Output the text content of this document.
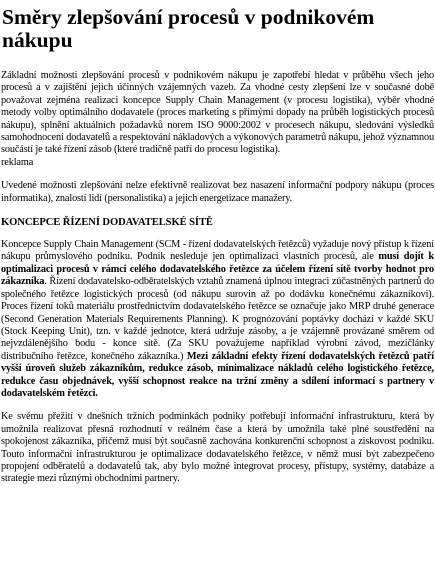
Směry zlepšování procesů v podnikovém nákupu

Základní možnosti zlepšování procesů v podnikovém nákupu je zapotřebí hledat v průběhu všech jeho procesů a v zajištění jejich účinných vzájemných vazeb. Za vhodné cesty zlepšení lze v současné době považovat zejména realizaci koncepce Supply Chain Management (v procesu logistika), výběr vhodné metody volby optimálního dodavatele (proces marketing s přímými dopady na průběh logistických procesů nákupu), splnění aktuálních požadavků norem ISO 9000:2002 v procesech nákupu, sledování výsledků samohodnocení dodavatelů a respektování nákladových a výkonových parametrů nákupu, jehož významnou součástí je také řízení zásob (které tradičně patří do procesu logistika).
reklama

Uvedené možnosti zlepšování nelze efektivně realizovat bez nasazení informační podpory nákupu (proces informatika), znalostí lidí (personalistika) a jejich energetizace manažery.

KONCEPCE ŘÍZENÍ DODAVATELSKÉ SÍTĚ

Koncepce Supply Chain Management (SCM - řízení dodavatelských řetězců) vyžaduje nový přístup k řízení nákupu průmyslového podniku. Podnik nesleduje jen optimalizaci vlastních procesů, ale musí dojít k optimalizaci procesů v rámci celého dodavatelského řetězce za účelem řízení sítě tvorby hodnot pro zákazníka. Řízení dodavatelsko-odběratelských vztahů znamená úplnou integraci zúčastněných partnerů do společného řetězce logistických procesů (od nákupu surovin až po dodávku konečnému zákazníkovi). Proces řízení toků materiálu prostřednictvím dodavatelského řetězce se označuje jako MRP druhé generace (Second Generation Materials Requirements Planning). K prognózování poptávky dochází v každé SKU (Stock Keeping Unit), tzn. v každé jednotce, která udržuje zásoby, a je vzájemně provázané směrem od nejvzdálenějšího bodu - konce sítě. (Za SKU považujeme například výrobní závod, mezičlánky distribučního řetězce, konečného zákazníka.) Mezi základní efekty řízení dodavatelských řetězců patří vyšší úroveň služeb zákazníkům, redukce zásob, minimalizace nákladů celého logistického řetězce, redukce času objednávek, vyšší schopnost reakce na tržní změny a sdílení informací s partnery v dodavatelském řetězci.

Ke svému přežití v dnešních tržních podmínkách podniky potřebují informační infrastrukturu, která by umožnila realizovat přesná rozhodnutí v reálném čase a která by umožnila také plné soustředění na spokojenost zákazníka, přičemž musí být současně zachována konkurenční schopnost a ziskovost podniku. Touto informační infrastrukturou je optimalizace dodavatelského řetězce, v němž musí být zabezpečeno propojení odběratelů a dodavatelů tak, aby bylo možné integrovat procesy, přístupy, systémy, databáze a strategie mezi různými obchodními partnery.
